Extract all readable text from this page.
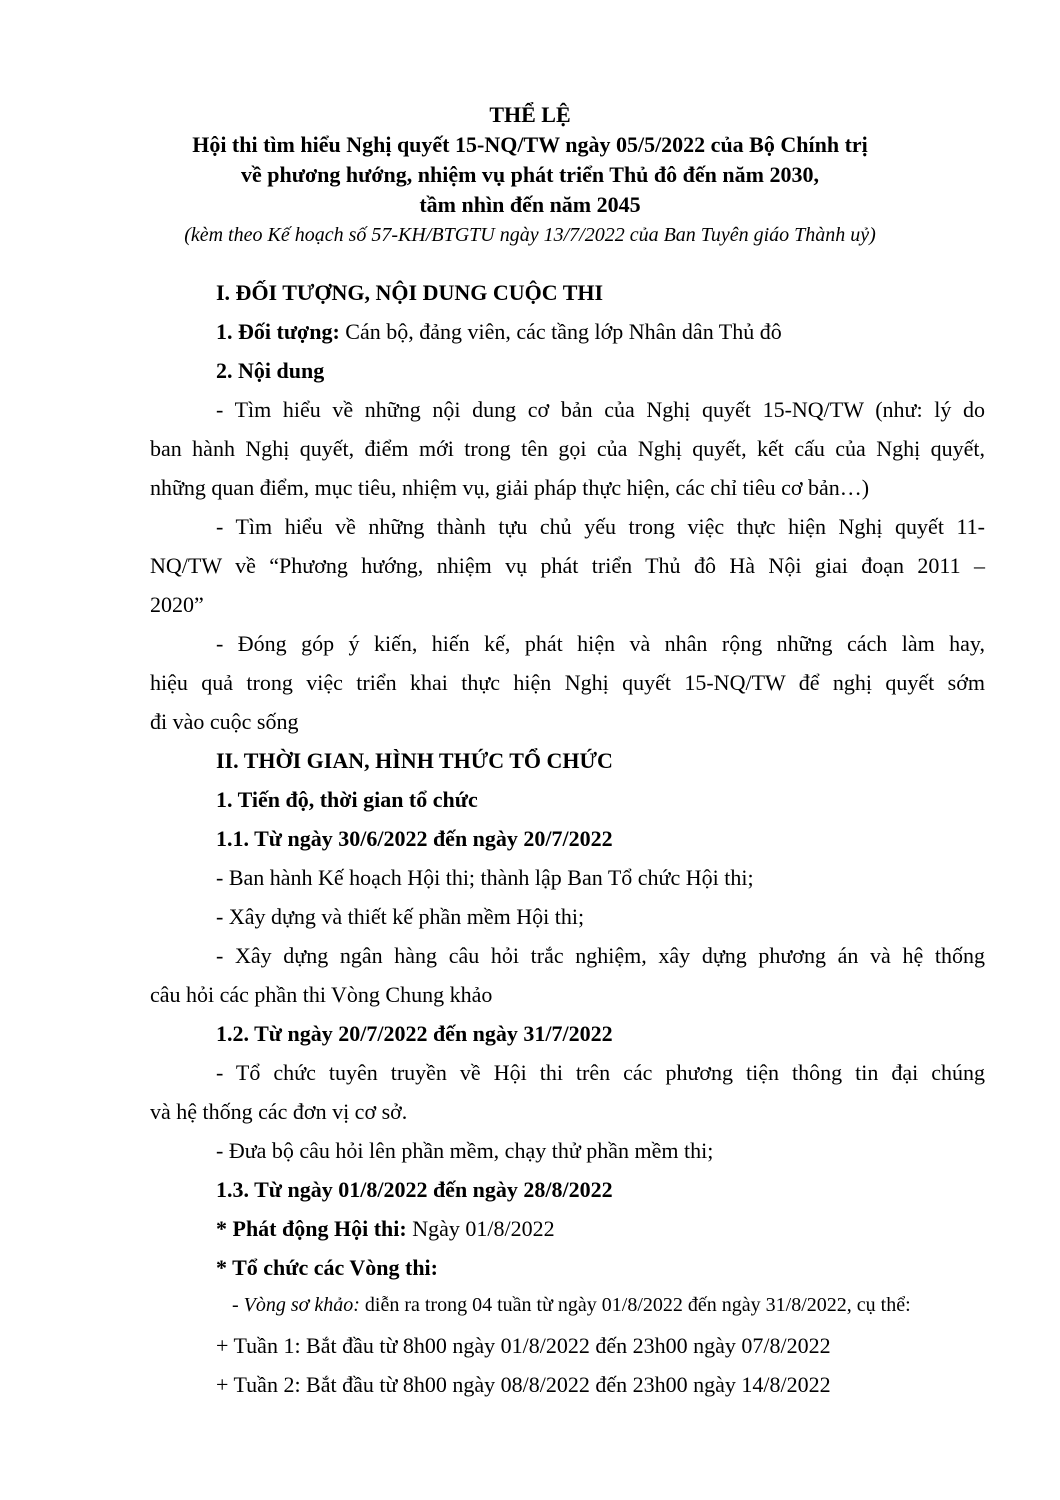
THỂ LỆ
Hội thi tìm hiểu Nghị quyết 15-NQ/TW ngày 05/5/2022 của Bộ Chính trị
về phương hướng, nhiệm vụ phát triển Thủ đô đến năm 2030,
tầm nhìn đến năm 2045
(kèm theo Kế hoạch số 57-KH/BTGTU ngày 13/7/2022 của Ban Tuyên giáo Thành uỷ)
I. ĐỐI TƯỢNG, NỘI DUNG CUỘC THI
1. Đối tượng: Cán bộ, đảng viên, các tầng lớp Nhân dân Thủ đô
2. Nội dung
- Tìm hiểu về những nội dung cơ bản của Nghị quyết 15-NQ/TW (như: lý do
ban hành Nghị quyết, điểm mới trong tên gọi của Nghị quyết, kết cấu của Nghị quyết,
những quan điểm, mục tiêu, nhiệm vụ, giải pháp thực hiện, các chỉ tiêu cơ bản…)
- Tìm hiểu về những thành tựu chủ yếu trong việc thực hiện Nghị quyết 11-
NQ/TW về “Phương hướng, nhiệm vụ phát triển Thủ đô Hà Nội giai đoạn 2011 –
2020”
- Đóng góp ý kiến, hiến kế, phát hiện và nhân rộng những cách làm hay,
hiệu quả trong việc triển khai thực hiện Nghị quyết 15-NQ/TW để nghị quyết sớm
đi vào cuộc sống
II. THỜI GIAN, HÌNH THỨC TỔ CHỨC
1. Tiến độ, thời gian tổ chức
1.1. Từ ngày 30/6/2022 đến ngày 20/7/2022
- Ban hành Kế hoạch Hội thi; thành lập Ban Tổ chức Hội thi;
- Xây dựng và thiết kế phần mềm Hội thi;
- Xây dựng ngân hàng câu hỏi trắc nghiệm, xây dựng phương án và hệ thống
câu hỏi các phần thi Vòng Chung khảo
1.2. Từ ngày 20/7/2022 đến ngày 31/7/2022
- Tổ chức tuyên truyền về Hội thi trên các phương tiện thông tin đại chúng
và hệ thống các đơn vị cơ sở.
- Đưa bộ câu hỏi lên phần mềm, chạy thử phần mềm thi;
1.3. Từ ngày 01/8/2022 đến ngày 28/8/2022
* Phát động Hội thi: Ngày 01/8/2022
* Tổ chức các Vòng thi:
- Vòng sơ khảo: diễn ra trong 04 tuần từ ngày 01/8/2022 đến ngày 31/8/2022, cụ thể:
+ Tuần 1: Bắt đầu từ 8h00 ngày 01/8/2022 đến 23h00 ngày 07/8/2022
+ Tuần 2: Bắt đầu từ 8h00 ngày 08/8/2022 đến 23h00 ngày 14/8/2022
